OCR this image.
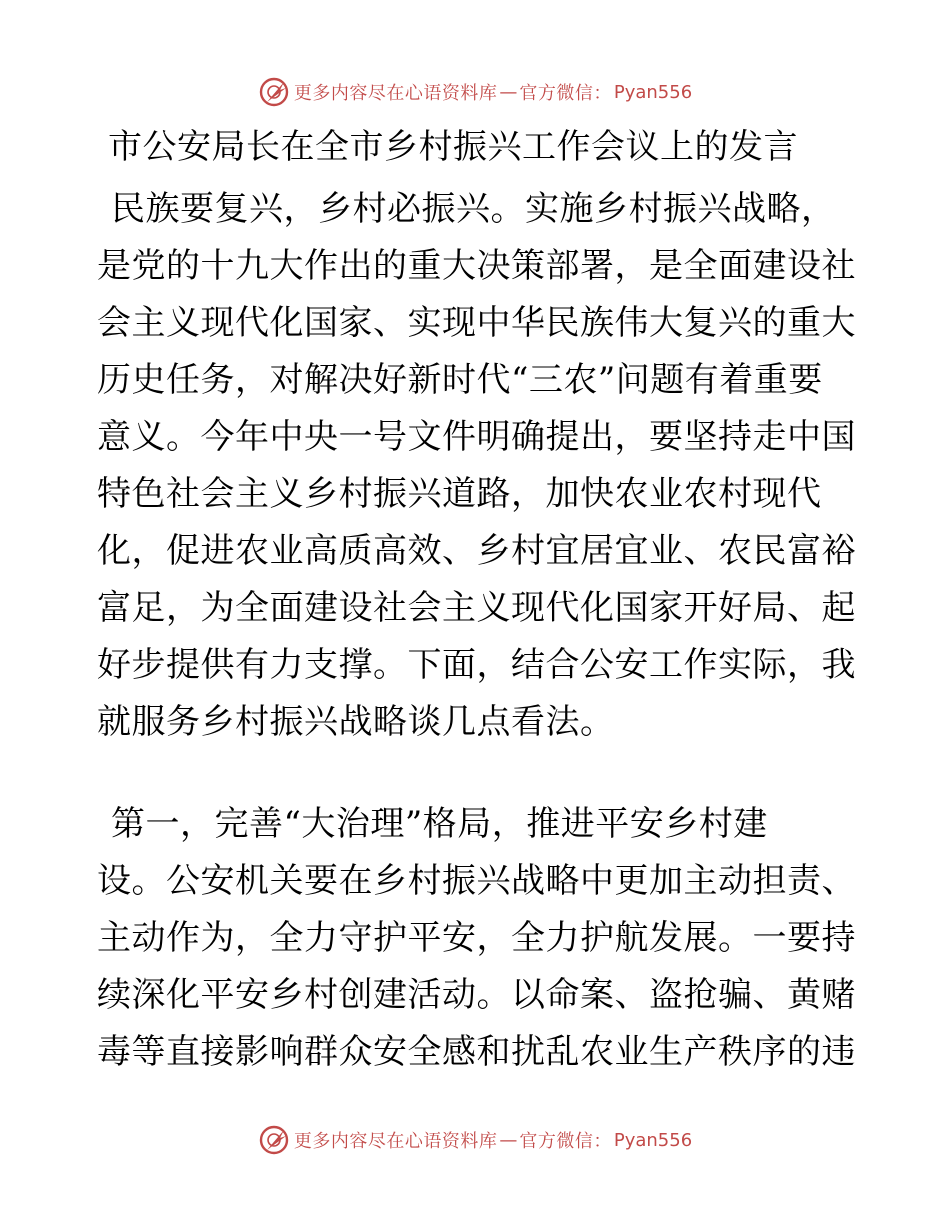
更多内容尽在心语资料库 — 官方微信： Pyan556
市公安局长在全市乡村振兴工作会议上的发言
民族要复兴，乡村必振兴。实施乡村振兴战略，
是党的十九大作出的重大决策部署，是全面建设社
会主义现代化国家、实现中华民族伟大复兴的重大
历史任务，对解决好新时代“三农”问题有着重要
意义。今年中央一号文件明确提出，要坚持走中国
特色社会主义乡村振兴道路，加快农业农村现代
化，促进农业高质高效、乡村宜居宜业、农民富裕
富足，为全面建设社会主义现代化国家开好局、起
好步提供有力支撑。下面，结合公安工作实际，我
就服务乡村振兴战略谈几点看法。
第一，完善“大治理”格局，推进平安乡村建
设。公安机关要在乡村振兴战略中更加主动担责、
主动作为，全力守护平安，全力护航发展。一要持
续深化平安乡村创建活动。以命案、盗抢骗、黄赌
毒等直接影响群众安全感和扰乱农业生产秩序的违
更多内容尽在心语资料库 — 官方微信： Pyan556
